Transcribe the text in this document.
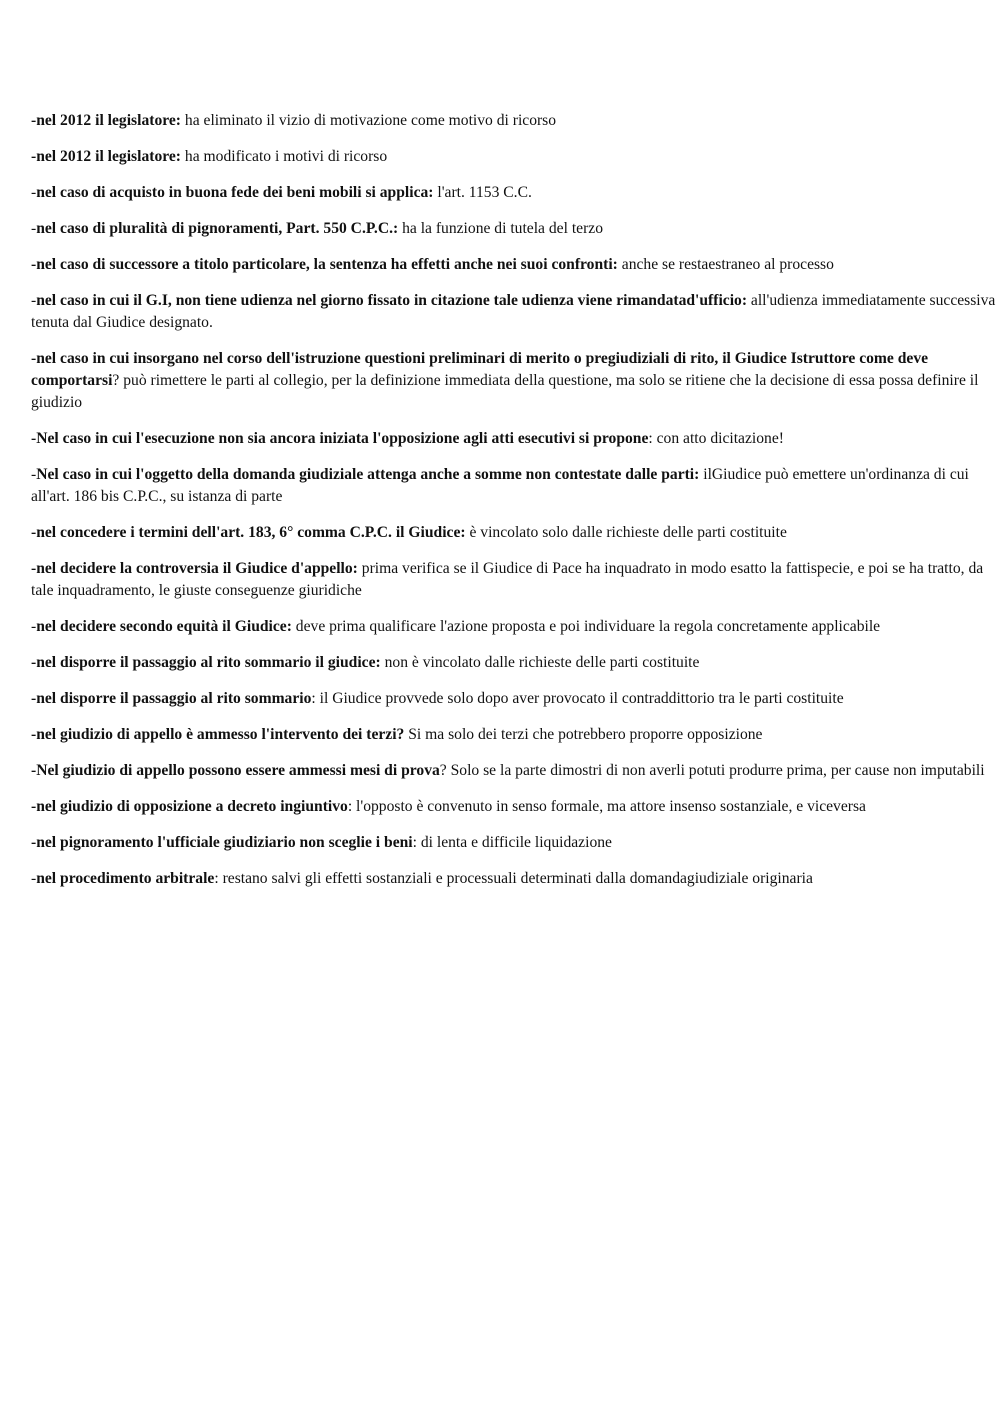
-nel 2012 il legislatore: ha eliminato il vizio di motivazione come motivo di ricorso

-nel 2012 il legislatore: ha modificato i motivi di ricorso

-nel caso di acquisto in buona fede dei beni mobili si applica: l'art. 1153 C.C.

-nel caso di pluralità di pignoramenti, Part. 550 C.P.C.: ha la funzione di tutela del terzo

-nel caso di successore a titolo particolare, la sentenza ha effetti anche nei suoi confronti: anche se restaestraneo al processo

-nel caso in cui il G.I, non tiene udienza nel giorno fissato in citazione tale udienza viene rimandatad'ufficio: all'udienza immediatamente successiva tenuta dal Giudice designato.

-nel caso in cui insorgano nel corso dell'istruzione questioni preliminari di merito o pregiudiziali di rito, il Giudice Istruttore come deve comportarsi? può rimettere le parti al collegio, per la definizione immediata della questione, ma solo se ritiene che la decisione di essa possa definire il giudizio

-Nel caso in cui l'esecuzione non sia ancora iniziata l'opposizione agli atti esecutivi si propone: con atto dicitazione!

-Nel caso in cui l'oggetto della domanda giudiziale attenga anche a somme non contestate dalle parti: ilGiudice può emettere un'ordinanza di cui all'art. 186 bis C.P.C., su istanza di parte

-nel concedere i termini dell'art. 183, 6° comma C.P.C. il Giudice: è vincolato solo dalle richieste delle parti costituite

-nel decidere la controversia il Giudice d'appello: prima verifica se il Giudice di Pace ha inquadrato in modo esatto la fattispecie, e poi se ha tratto, da tale inquadramento, le giuste conseguenze giuridiche

-nel decidere secondo equità il Giudice: deve prima qualificare l'azione proposta e poi individuare la regola concretamente applicabile

-nel disporre il passaggio al rito sommario il giudice: non è vincolato dalle richieste delle parti costituite

-nel disporre il passaggio al rito sommario: il Giudice provvede solo dopo aver provocato il contraddittorio tra le parti costituite

-nel giudizio di appello è ammesso l'intervento dei terzi? Si ma solo dei terzi che potrebbero proporre opposizione

-Nel giudizio di appello possono essere ammessi mesi di prova? Solo se la parte dimostri di non averli potuti produrre prima, per cause non imputabili

-nel giudizio di opposizione a decreto ingiuntivo: l'opposto è convenuto in senso formale, ma attore insenso sostanziale, e viceversa

-nel pignoramento l'ufficiale giudiziario non sceglie i beni: di lenta e difficile liquidazione

-nel procedimento arbitrale: restano salvi gli effetti sostanziali e processuali determinati dalla domandagiudiziale originaria
